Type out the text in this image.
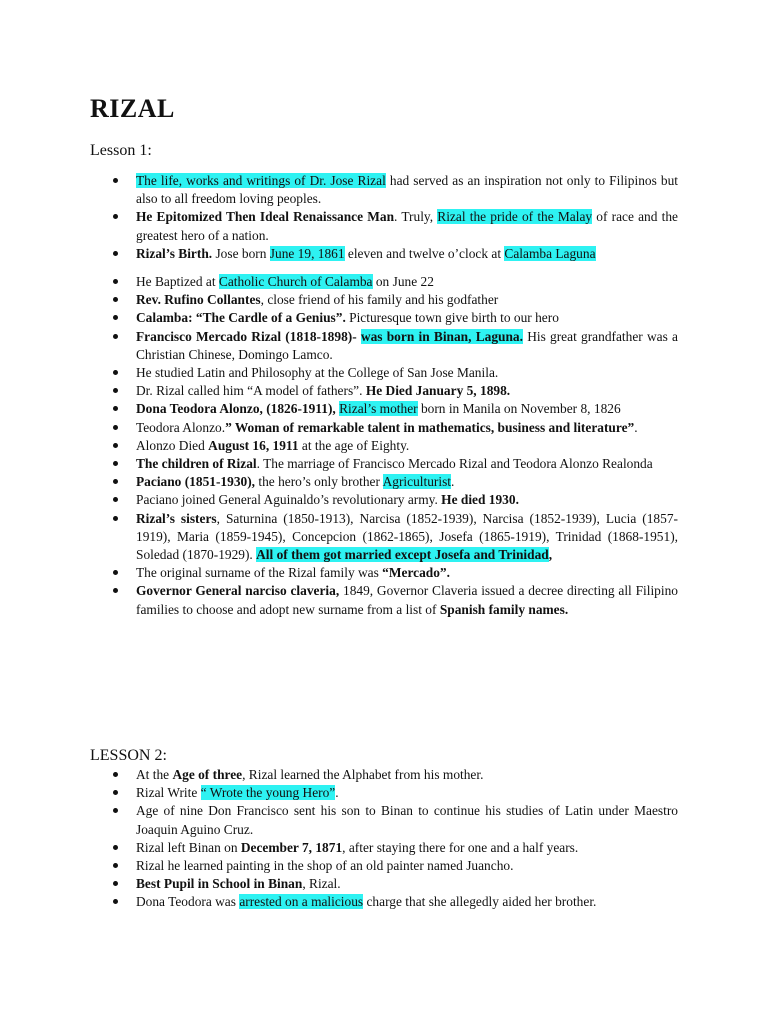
RIZAL
Lesson 1:
The life, works and writings of Dr. Jose Rizal had served as an inspiration not only to Filipinos but also to all freedom loving peoples.
He Epitomized Then Ideal Renaissance Man. Truly, Rizal the pride of the Malay of race and the greatest hero of a nation.
Rizal’s Birth. Jose born June 19, 1861 eleven and twelve o’clock at Calamba Laguna
He Baptized at Catholic Church of Calamba on June 22
Rev. Rufino Collantes, close friend of his family and his godfather
Calamba: “The Cardle of a Genius”. Picturesque town give birth to our hero
Francisco Mercado Rizal (1818-1898)- was born in Binan, Laguna. His great grandfather was a Christian Chinese, Domingo Lamco.
He studied Latin and Philosophy at the College of San Jose Manila.
Dr. Rizal called him “A model of fathers”. He Died January 5, 1898.
Dona Teodora Alonzo, (1826-1911), Rizal’s mother born in Manila on November 8, 1826
Teodora Alonzo.” Woman of remarkable talent in mathematics, business and literature”.
Alonzo Died August 16, 1911 at the age of Eighty.
The children of Rizal. The marriage of Francisco Mercado Rizal and Teodora Alonzo Realonda
Paciano (1851-1930), the hero’s only brother Agriculturist.
Paciano joined General Aguinaldo’s revolutionary army. He died 1930.
Rizal’s sisters, Saturnina (1850-1913), Narcisa (1852-1939), Narcisa (1852-1939), Lucia (1857-1919), Maria (1859-1945), Concepcion (1862-1865), Josefa (1865-1919), Trinidad (1868-1951), Soledad (1870-1929). All of them got married except Josefa and Trinidad,
The original surname of the Rizal family was “Mercado”.
Governor General narciso claveria, 1849, Governor Claveria issued a decree directing all Filipino families to choose and adopt new surname from a list of Spanish family names.
LESSON 2:
At the Age of three, Rizal learned the Alphabet from his mother.
Rizal Write “ Wrote the young Hero”.
Age of nine Don Francisco sent his son to Binan to continue his studies of Latin under Maestro Joaquin Aguino Cruz.
Rizal left Binan on December 7, 1871, after staying there for one and a half years.
Rizal he learned painting in the shop of an old painter named Juancho.
Best Pupil in School in Binan, Rizal.
Dona Teodora was arrested on a malicious charge that she allegedly aided her brother.
